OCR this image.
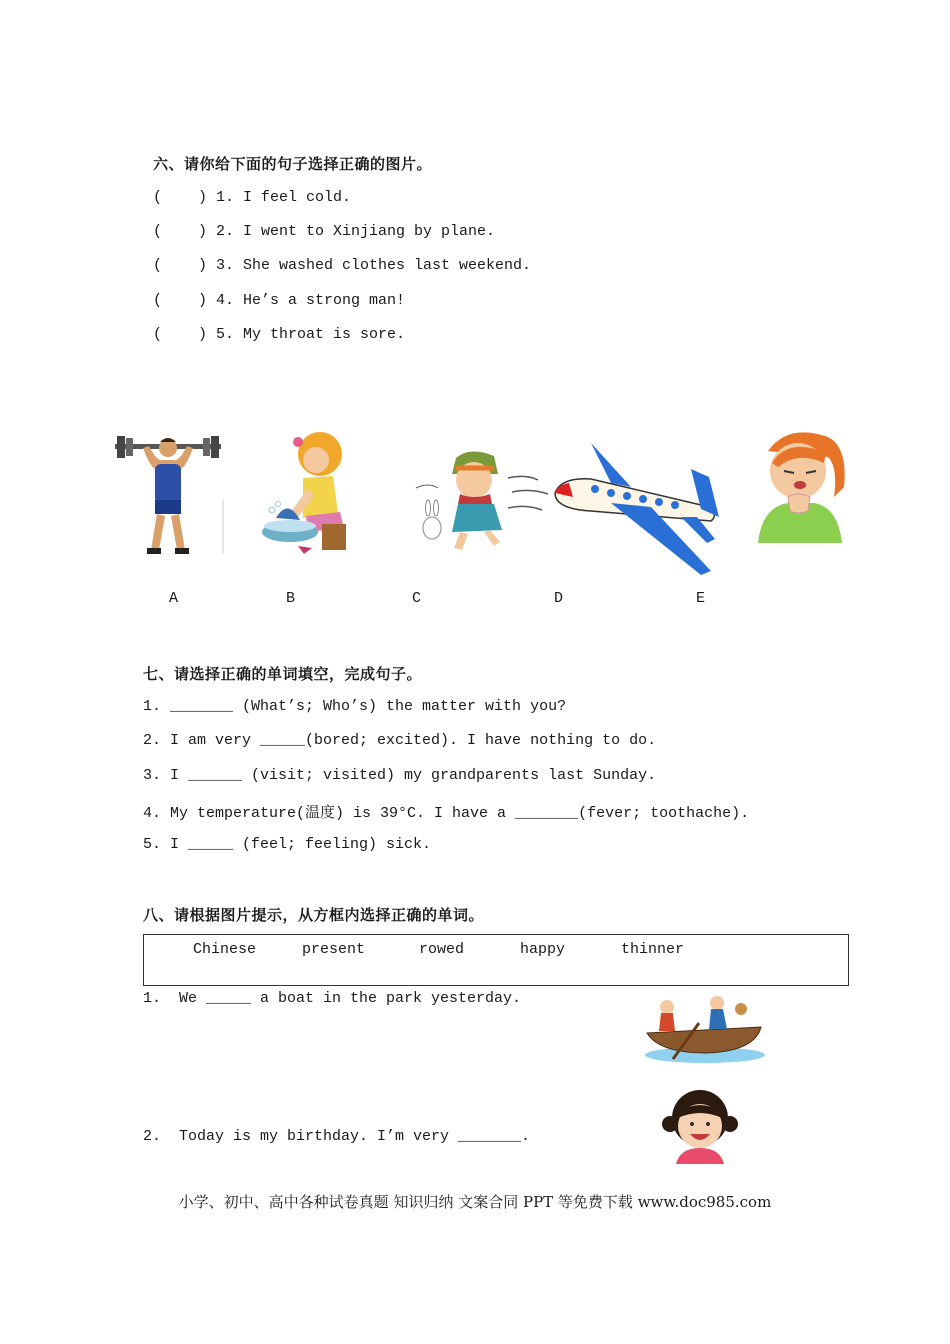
六、请你给下面的句子选择正确的图片。
(    ) 1. I feel cold.
(    ) 2. I went to Xinjiang by plane.
(    ) 3. She washed clothes last weekend.
(    ) 4. He’s a strong man!
(    ) 5. My throat is sore.
A	B	C	D	E
七、请选择正确的单词填空，完成句子。
1. _______ (What’s; Who’s) the matter with you?
2. I am very _____(bored; excited). I have nothing to do.
3. I ______ (visit; visited) my grandparents last Sunday.
4. My temperature(温度) is 39°C. I have a _______(fever; toothache).
5. I _____ (feel; feeling) sick.
八、请根据图片提示，从方框内选择正确的单词。
Chinese	present	rowed	happy	thinner
1.  We _____ a boat in the park yesterday.
2.  Today is my birthday. I’m very _______.
小学、初中、高中各种试卷真题 知识归纳 文案合同 PPT 等免费下载 www.doc985.com
